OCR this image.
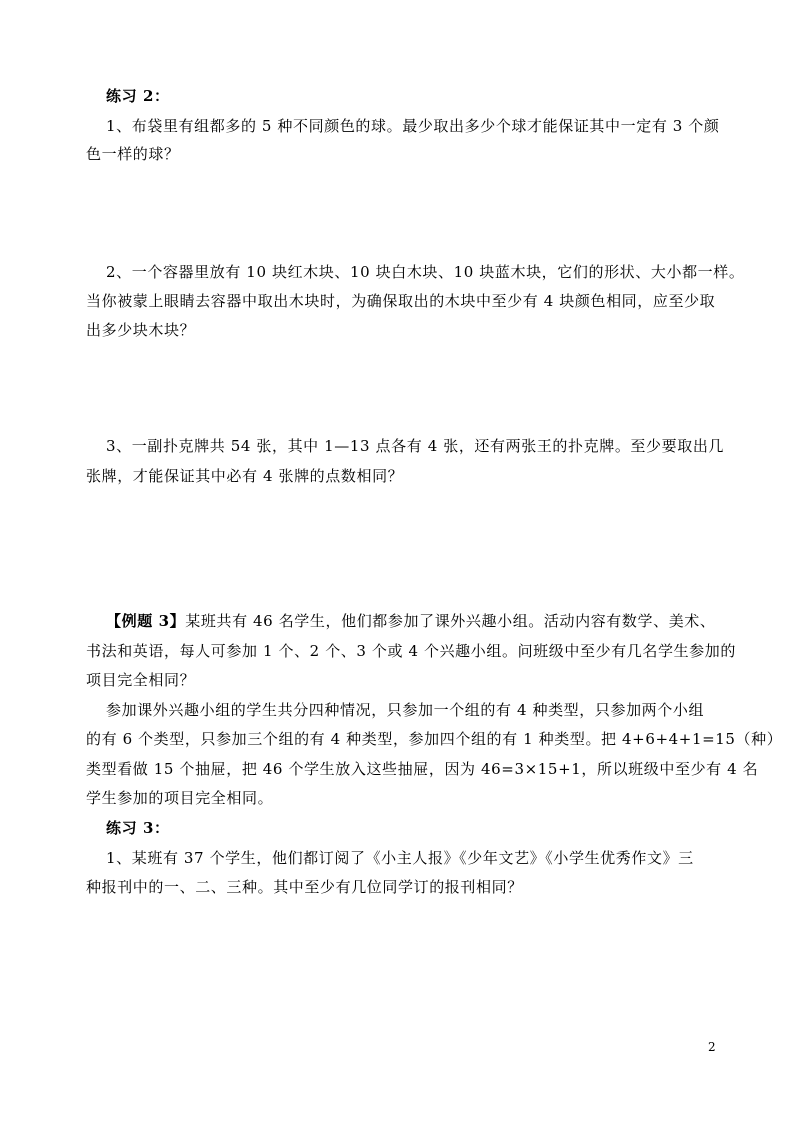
练习 2：
1、布袋里有组都多的 5 种不同颜色的球。最少取出多少个球才能保证其中一定有 3 个颜
色一样的球？
2、一个容器里放有 10 块红木块、10 块白木块、10 块蓝木块，它们的形状、大小都一样。
当你被蒙上眼睛去容器中取出木块时，为确保取出的木块中至少有 4 块颜色相同，应至少取
出多少块木块？
3、一副扑克牌共 54 张，其中 1—13 点各有 4 张，还有两张王的扑克牌。至少要取出几
张牌，才能保证其中必有 4 张牌的点数相同？
【例题 3】某班共有 46 名学生，他们都参加了课外兴趣小组。活动内容有数学、美术、
书法和英语，每人可参加 1 个、2 个、3 个或 4 个兴趣小组。问班级中至少有几名学生参加的
项目完全相同？
参加课外兴趣小组的学生共分四种情况，只参加一个组的有 4 种类型，只参加两个小组
的有 6 个类型，只参加三个组的有 4 种类型，参加四个组的有 1 种类型。把 4+6+4+1=15（种）
类型看做 15 个抽屉，把 46 个学生放入这些抽屉，因为 46=3×15+1，所以班级中至少有 4 名
学生参加的项目完全相同。
练习 3：
1、某班有 37 个学生，他们都订阅了《小主人报》《少年文艺》《小学生优秀作文》三
种报刊中的一、二、三种。其中至少有几位同学订的报刊相同？
2
